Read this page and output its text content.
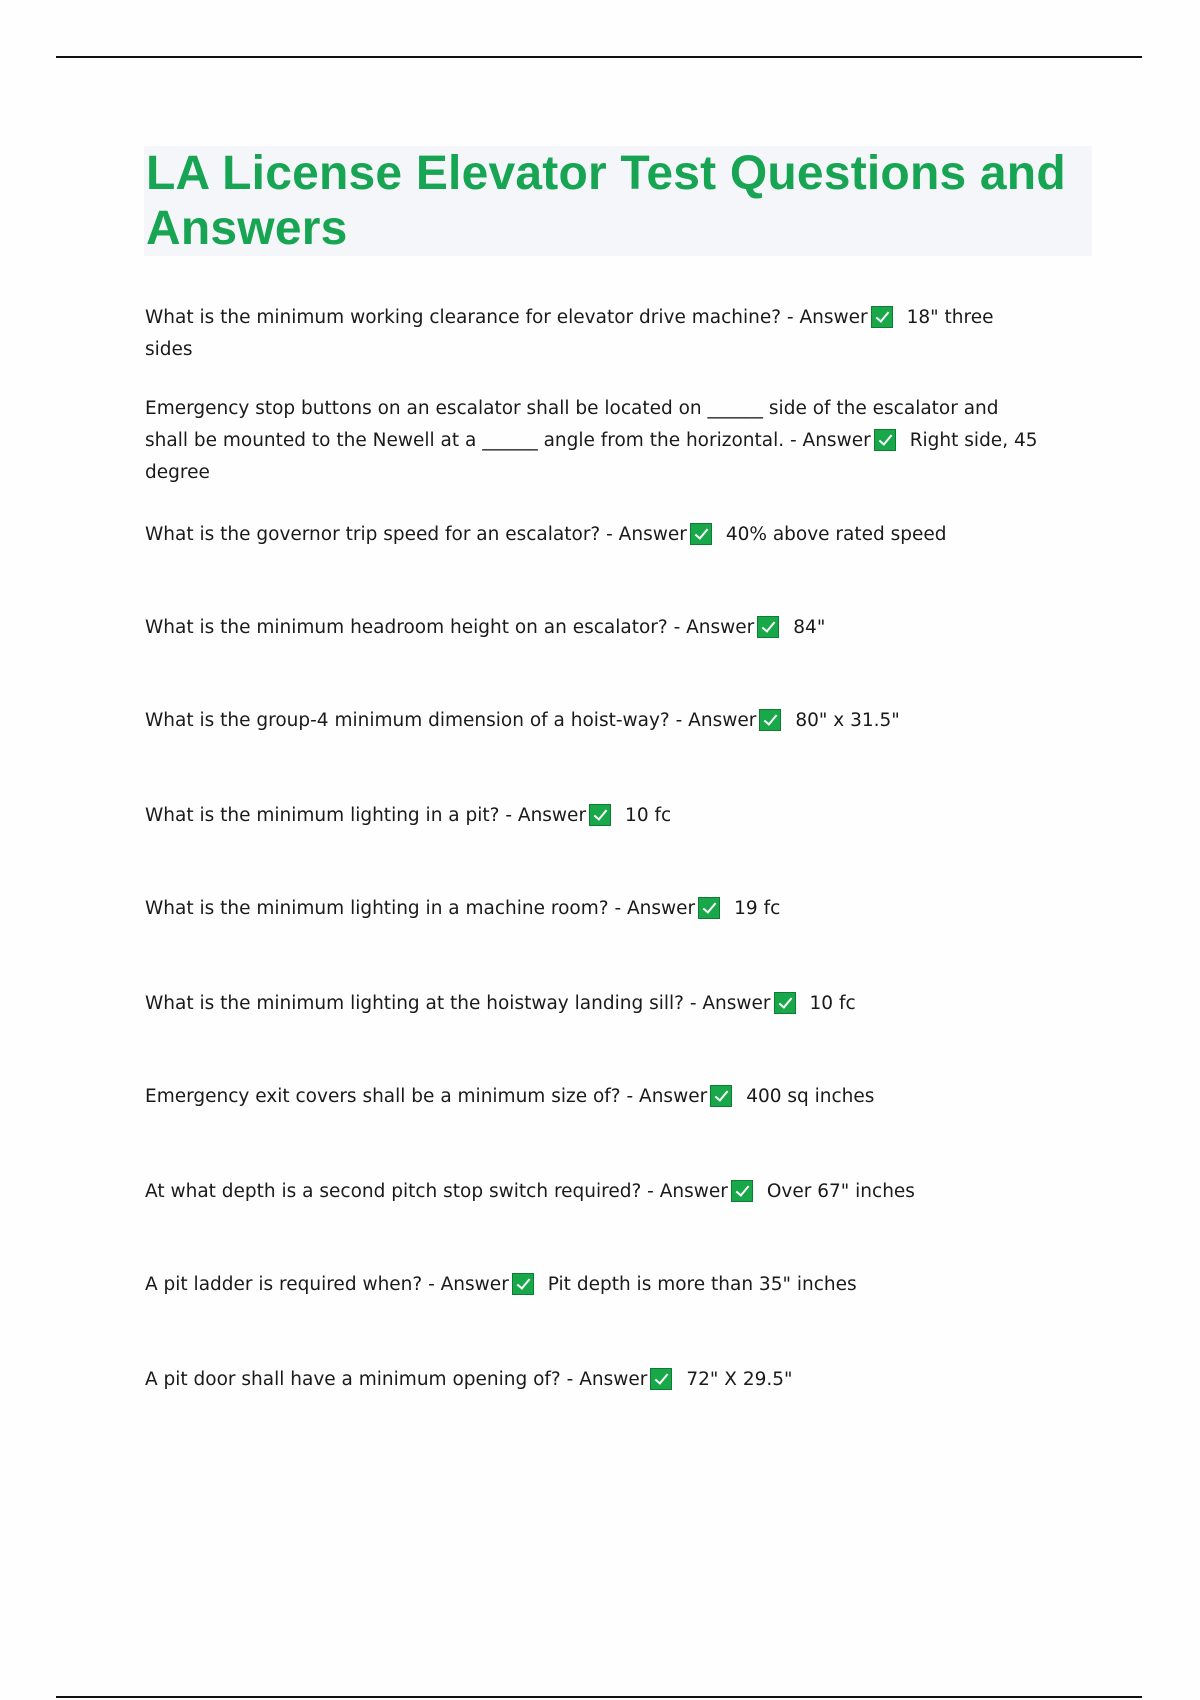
LA License Elevator Test Questions and Answers
What is the minimum working clearance for elevator drive machine? - Answer 18" three sides
Emergency stop buttons on an escalator shall be located on ______ side of the escalator and shall be mounted to the Newell at a ______ angle from the horizontal. - Answer Right side, 45 degree
What is the governor trip speed for an escalator? - Answer 40% above rated speed
What is the minimum headroom height on an escalator? - Answer 84"
What is the group-4 minimum dimension of a hoist-way? - Answer 80" x 31.5"
What is the minimum lighting in a pit? - Answer 10 fc
What is the minimum lighting in a machine room? - Answer 19 fc
What is the minimum lighting at the hoistway landing sill? - Answer 10 fc
Emergency exit covers shall be a minimum size of? - Answer 400 sq inches
At what depth is a second pitch stop switch required? - Answer Over 67" inches
A pit ladder is required when? - Answer Pit depth is more than 35" inches
A pit door shall have a minimum opening of? - Answer 72" X 29.5"
